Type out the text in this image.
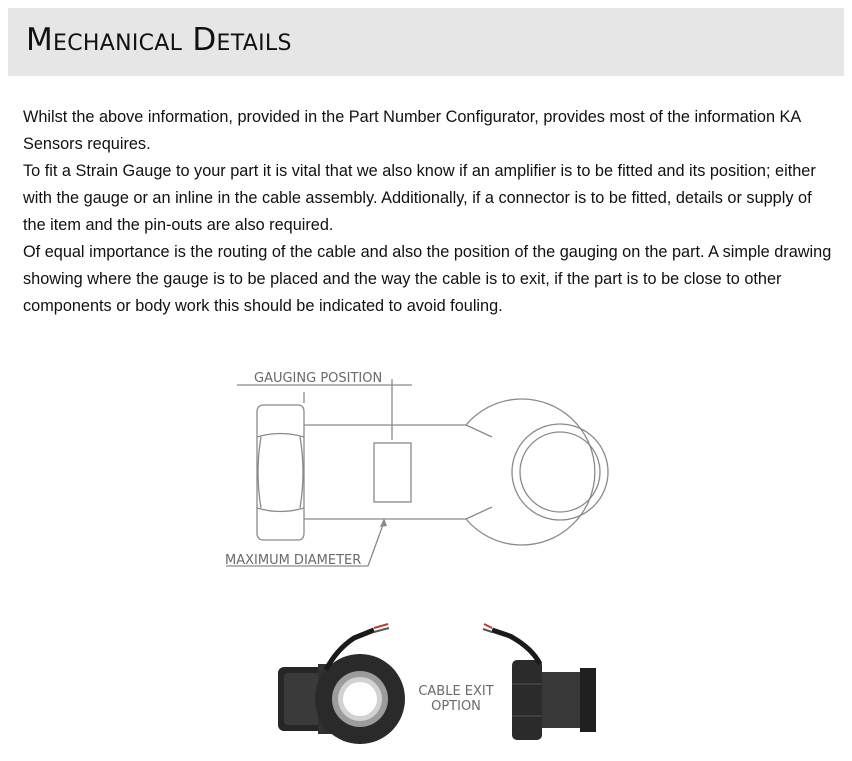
Mechanical Details

Whilst the above information, provided in the Part Number Configurator, provides most of the information KA Sensors requires.

To fit a Strain Gauge to your part it is vital that we also know if an amplifier is to be fitted and its position; either with the gauge or an inline in the cable assembly. Additionally, if a connector is to be fitted, details or supply of the item and the pin-outs are also required.

Of equal importance is the routing of the cable and also the position of the gauging on the part. A simple drawing showing where the gauge is to be placed and the way the cable is to exit, if the part is to be close to other components or body work this should be indicated to avoid fouling.

GAUGING POSITION
MAXIMUM DIAMETER
CABLE EXIT
OPTION
